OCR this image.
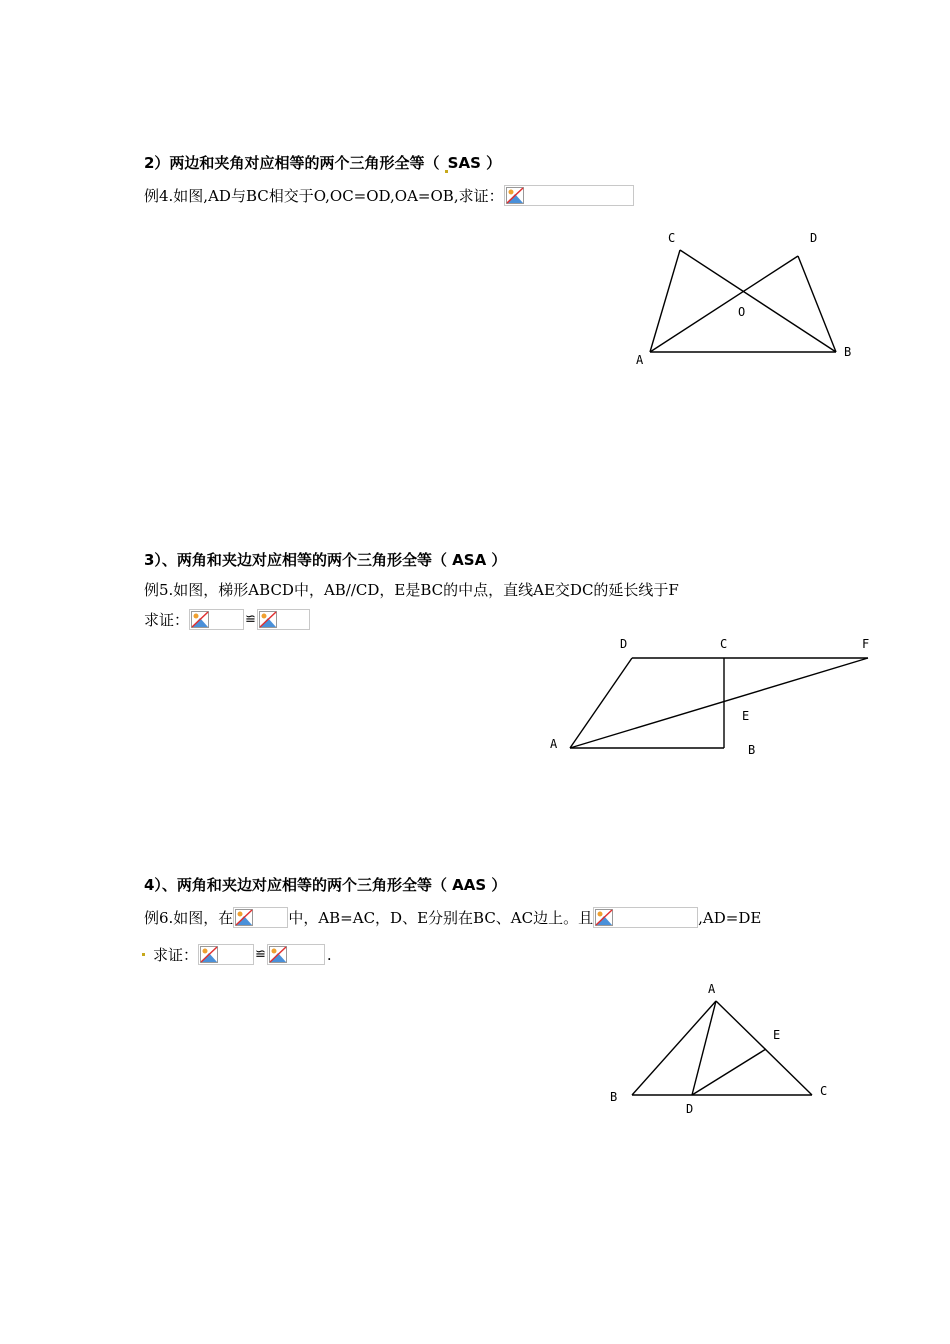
2）两边和夹角对应相等的两个三角形全等（ SAS ）
例4.如图,AD与BC相交于O,OC=OD,OA=OB,求证：
C	D
O
A
B
3）、两角和夹边对应相等的两个三角形全等（ ASA ）
例5.如图，梯形ABCD中，AB//CD，E是BC的中点，直线AE交DC的延长线于F
求证：	≌
D	C	F
E
A	B
4）、两角和夹边对应相等的两个三角形全等（ AAS ）
例6.如图，在	中，AB=AC，D、E分别在BC、AC边上。且	,AD=DE
求证：	≌	.
A
E
B
D
C
